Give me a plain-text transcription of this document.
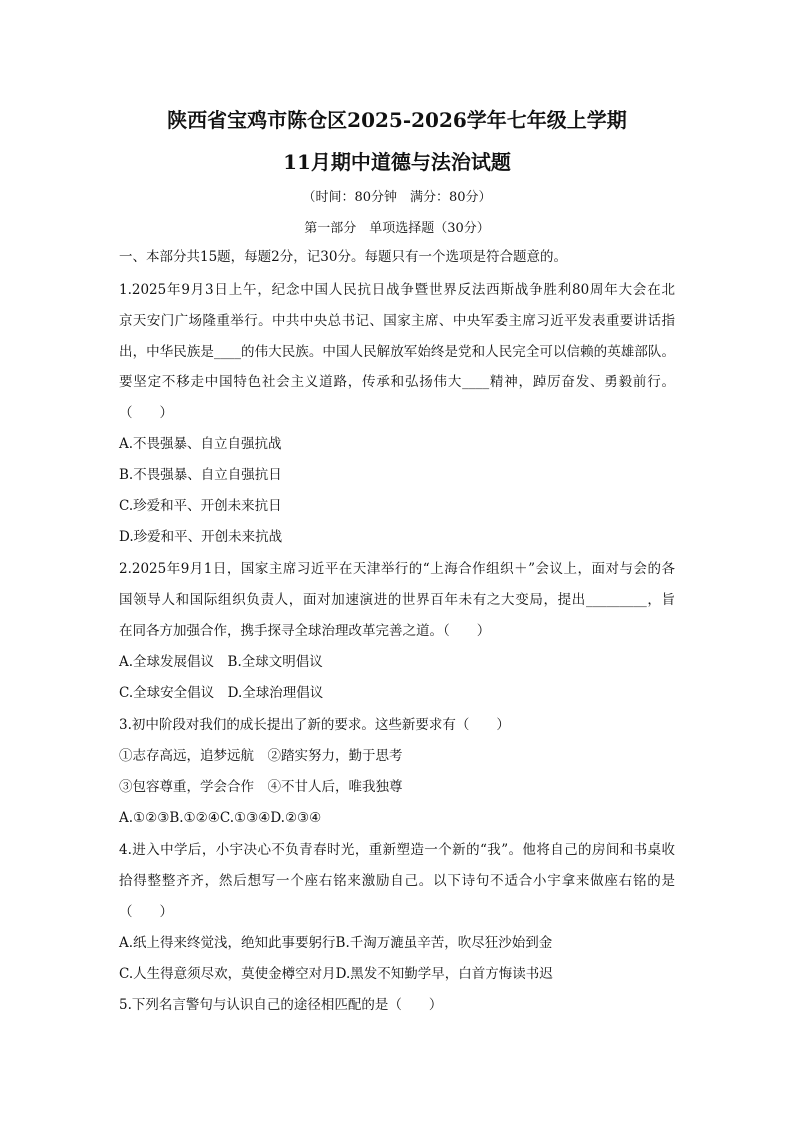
陕西省宝鸡市陈仓区2025-2026学年七年级上学期
11月期中道德与法治试题
（时间：80分钟　满分：80分）
第一部分　单项选择题（30分）
一、本部分共15题，每题2分，记30分。每题只有一个选项是符合题意的。
1.2025年9月3日上午，纪念中国人民抗日战争暨世界反法西斯战争胜利80周年大会在北
京天安门广场隆重举行。中共中央总书记、国家主席、中央军委主席习近平发表重要讲话指
出，中华民族是____的伟大民族。中国人民解放军始终是党和人民完全可以信赖的英雄部队。
要坚定不移走中国特色社会主义道路，传承和弘扬伟大____精神，踔厉奋发、勇毅前行。
（　　）
A.不畏强暴、自立自强抗战
B.不畏强暴、自立自强抗日
C.珍爱和平、开创未来抗日
D.珍爱和平、开创未来抗战
2.2025年9月1日，国家主席习近平在天津举行的“上海合作组织＋”会议上，面对与会的各
国领导人和国际组织负责人，面对加速演进的世界百年未有之大变局，提出_________，旨
在同各方加强合作，携手探寻全球治理改革完善之道。（　　）
A.全球发展倡议　B.全球文明倡议
C.全球安全倡议　D.全球治理倡议
3.初中阶段对我们的成长提出了新的要求。这些新要求有（　　）
①志存高远，追梦远航　②踏实努力，勤于思考
③包容尊重，学会合作　④不甘人后，唯我独尊
A.①②③B.①②④C.①③④D.②③④
4.进入中学后，小宇决心不负青春时光，重新塑造一个新的“我”。他将自己的房间和书桌收
拾得整整齐齐，然后想写一个座右铭来激励自己。以下诗句不适合小宇拿来做座右铭的是
（　　）
A.纸上得来终觉浅，绝知此事要躬行B.千淘万漉虽辛苦，吹尽狂沙始到金
C.人生得意须尽欢，莫使金樽空对月D.黑发不知勤学早，白首方悔读书迟
5.下列名言警句与认识自己的途径相匹配的是（　　）
